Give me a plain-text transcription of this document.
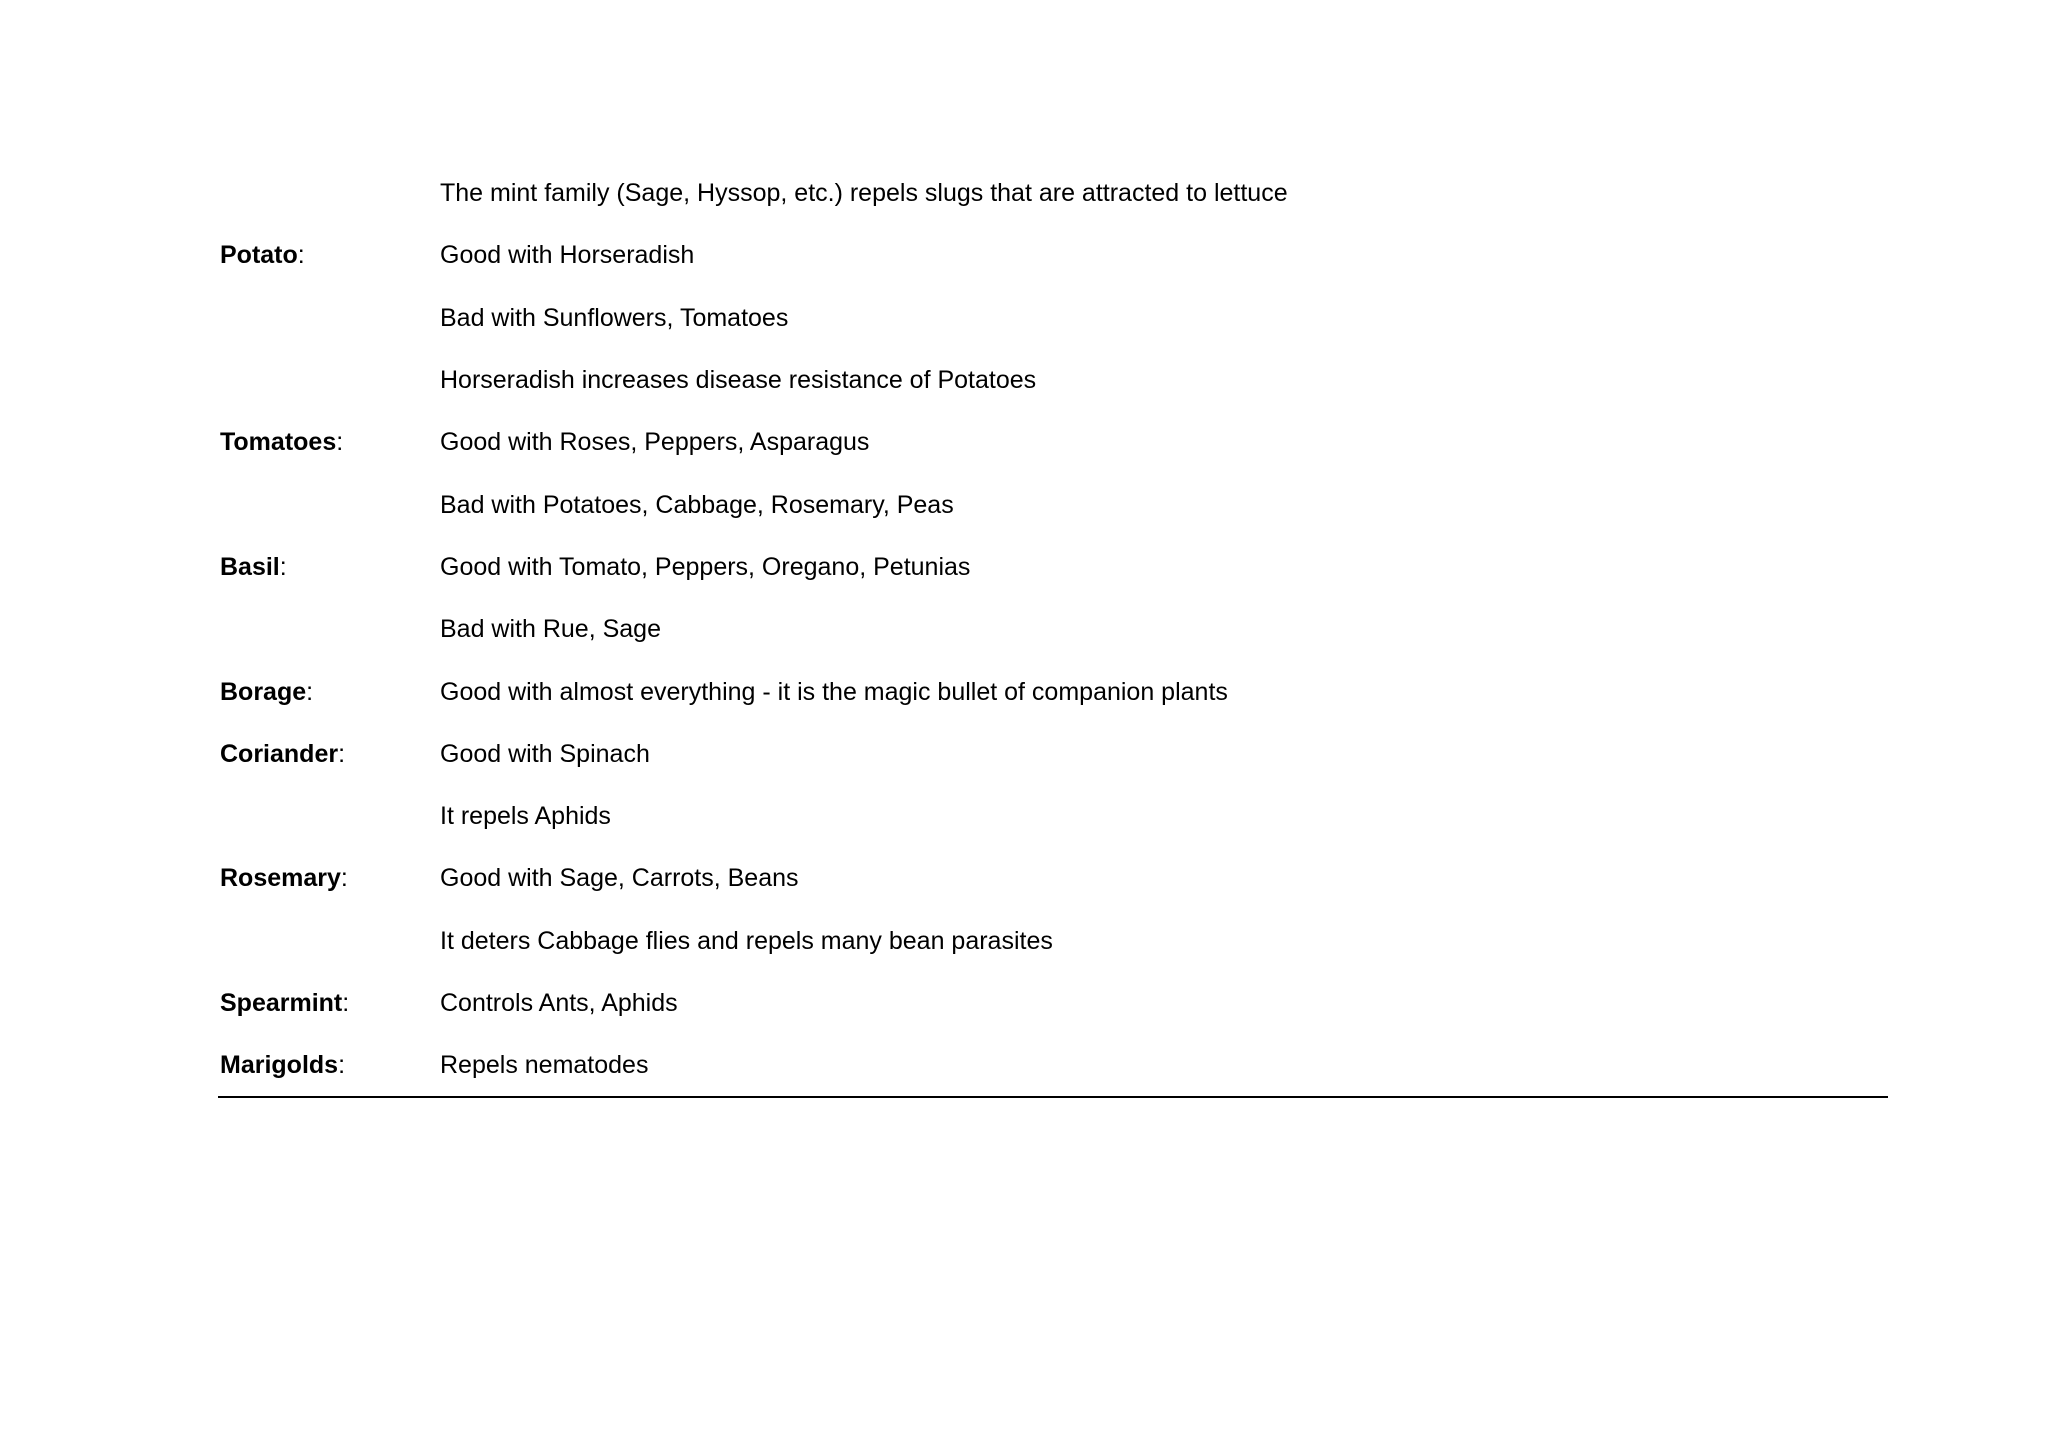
The mint family (Sage, Hyssop, etc.) repels slugs that are attracted to lettuce
Potato:	Good with Horseradish
Bad with Sunflowers, Tomatoes
Horseradish increases disease resistance of Potatoes
Tomatoes:	Good with Roses, Peppers, Asparagus
Bad with Potatoes, Cabbage, Rosemary, Peas
Basil:	Good with Tomato, Peppers, Oregano, Petunias
Bad with Rue, Sage
Borage:	Good with almost everything - it is the magic bullet of companion plants
Coriander:	Good with Spinach
It repels Aphids
Rosemary:	Good with Sage, Carrots, Beans
It deters Cabbage flies and repels many bean parasites
Spearmint:	Controls Ants, Aphids
Marigolds:	Repels nematodes
